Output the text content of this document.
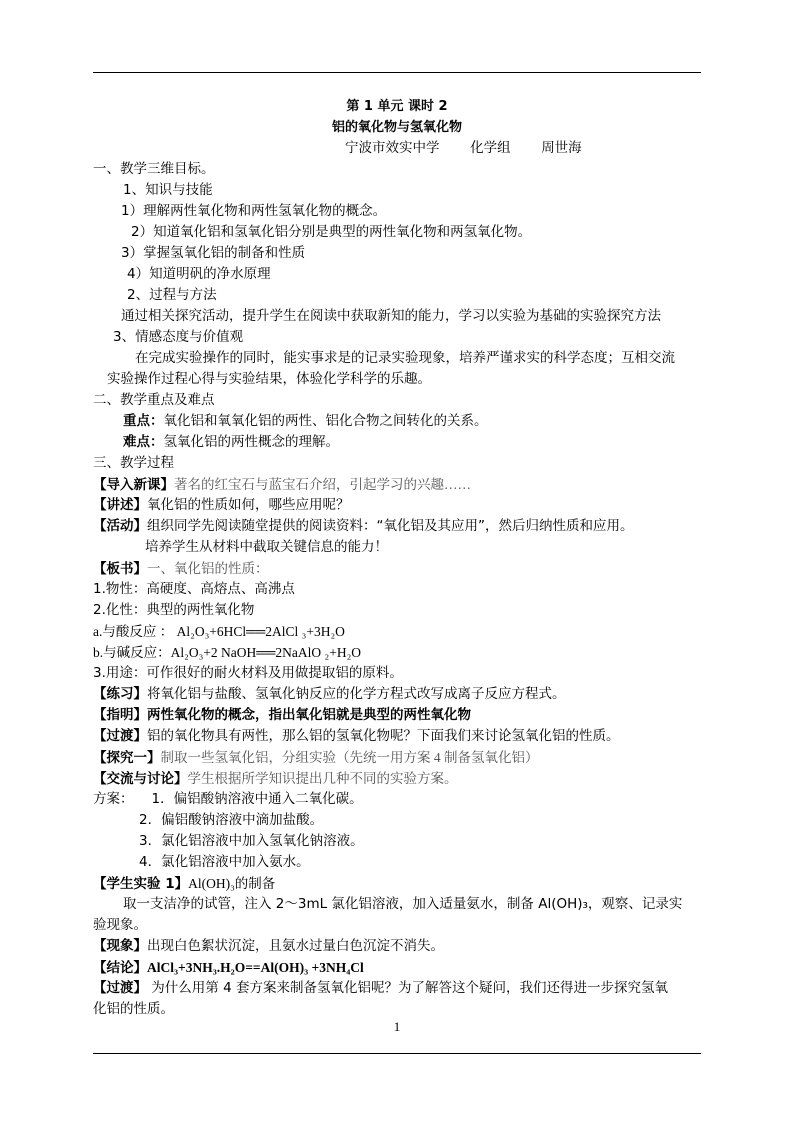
第 1 单元 课时 2
铝的氧化物与氢氧化物
宁波市效实中学 化学组 周世海
一、教学三维目标。
1、知识与技能
1）理解两性氧化物和两性氢氧化物的概念。
2）知道氧化铝和氢氧化铝分别是典型的两性氧化物和两氢氧化物。
3）掌握氢氧化铝的制备和性质
4）知道明矾的净水原理
2、过程与方法
通过相关探究活动，提升学生在阅读中获取新知的能力，学习以实验为基础的实验探究方法
3、情感态度与价值观
在完成实验操作的同时，能实事求是的记录实验现象，培养严谨求实的科学态度；互相交流
实验操作过程心得与实验结果，体验化学科学的乐趣。
二、教学重点及难点
重点：氧化铝和氧氧化铝的两性、铝化合物之间转化的关系。
难点：氢氧化铝的两性概念的理解。
三、教学过程
【导入新课】著名的红宝石与蓝宝石介绍，引起学习的兴趣……
【讲述】氧化铝的性质如何，哪些应用呢？
【活动】组织同学先阅读随堂提供的阅读资料：“氧化铝及其应用”，然后归纳性质和应用。
培养学生从材料中截取关键信息的能力！
【板书】一、氧化铝的性质：
1.物性：高硬度、高熔点、高沸点
2.化性：典型的两性氧化物
a.与酸反应 ： Al₂O₃+6HCl══2AlCl ₃+3H₂O
b.与碱反应：Al₂O₃+2 NaOH══2NaAlO ₂+H₂O
3.用途：可作很好的耐火材料及用做提取铝的原料。
【练习】将氧化铝与盐酸、氢氧化钠反应的化学方程式改写成离子反应方程式。
【指明】两性氧化物的概念，指出氧化铝就是典型的两性氧化物
【过渡】铝的氧化物具有两性，那么铝的氢氧化物呢？下面我们来讨论氢氧化铝的性质。
【探究一】制取一些氢氧化铝，分组实验（先统一用方案 4 制备氢氧化铝）
【交流与讨论】学生根据所学知识提出几种不同的实验方案。
方案： 1．偏铝酸钠溶液中通入二氧化碳。
2．偏铝酸钠溶液中滴加盐酸。
3．氯化铝溶液中加入氢氧化钠溶液。
4．氯化铝溶液中加入氨水。
【学生实验 1】Al(OH)₃的制备
取一支洁净的试管，注入 2～3mL 氯化铝溶液，加入适量氨水，制备 Al(OH)₃，观察、记录实
验现象。
【现象】出现白色絮状沉淀，且氨水过量白色沉淀不消失。
【结论】AlCl₃+3NH₃.H₂O==Al(OH)₃ +3NH₄Cl
【过渡】 为什么用第 4 套方案来制备氢氧化铝呢？为了解答这个疑问，我们还得进一步探究氢氧
化铝的性质。
1
